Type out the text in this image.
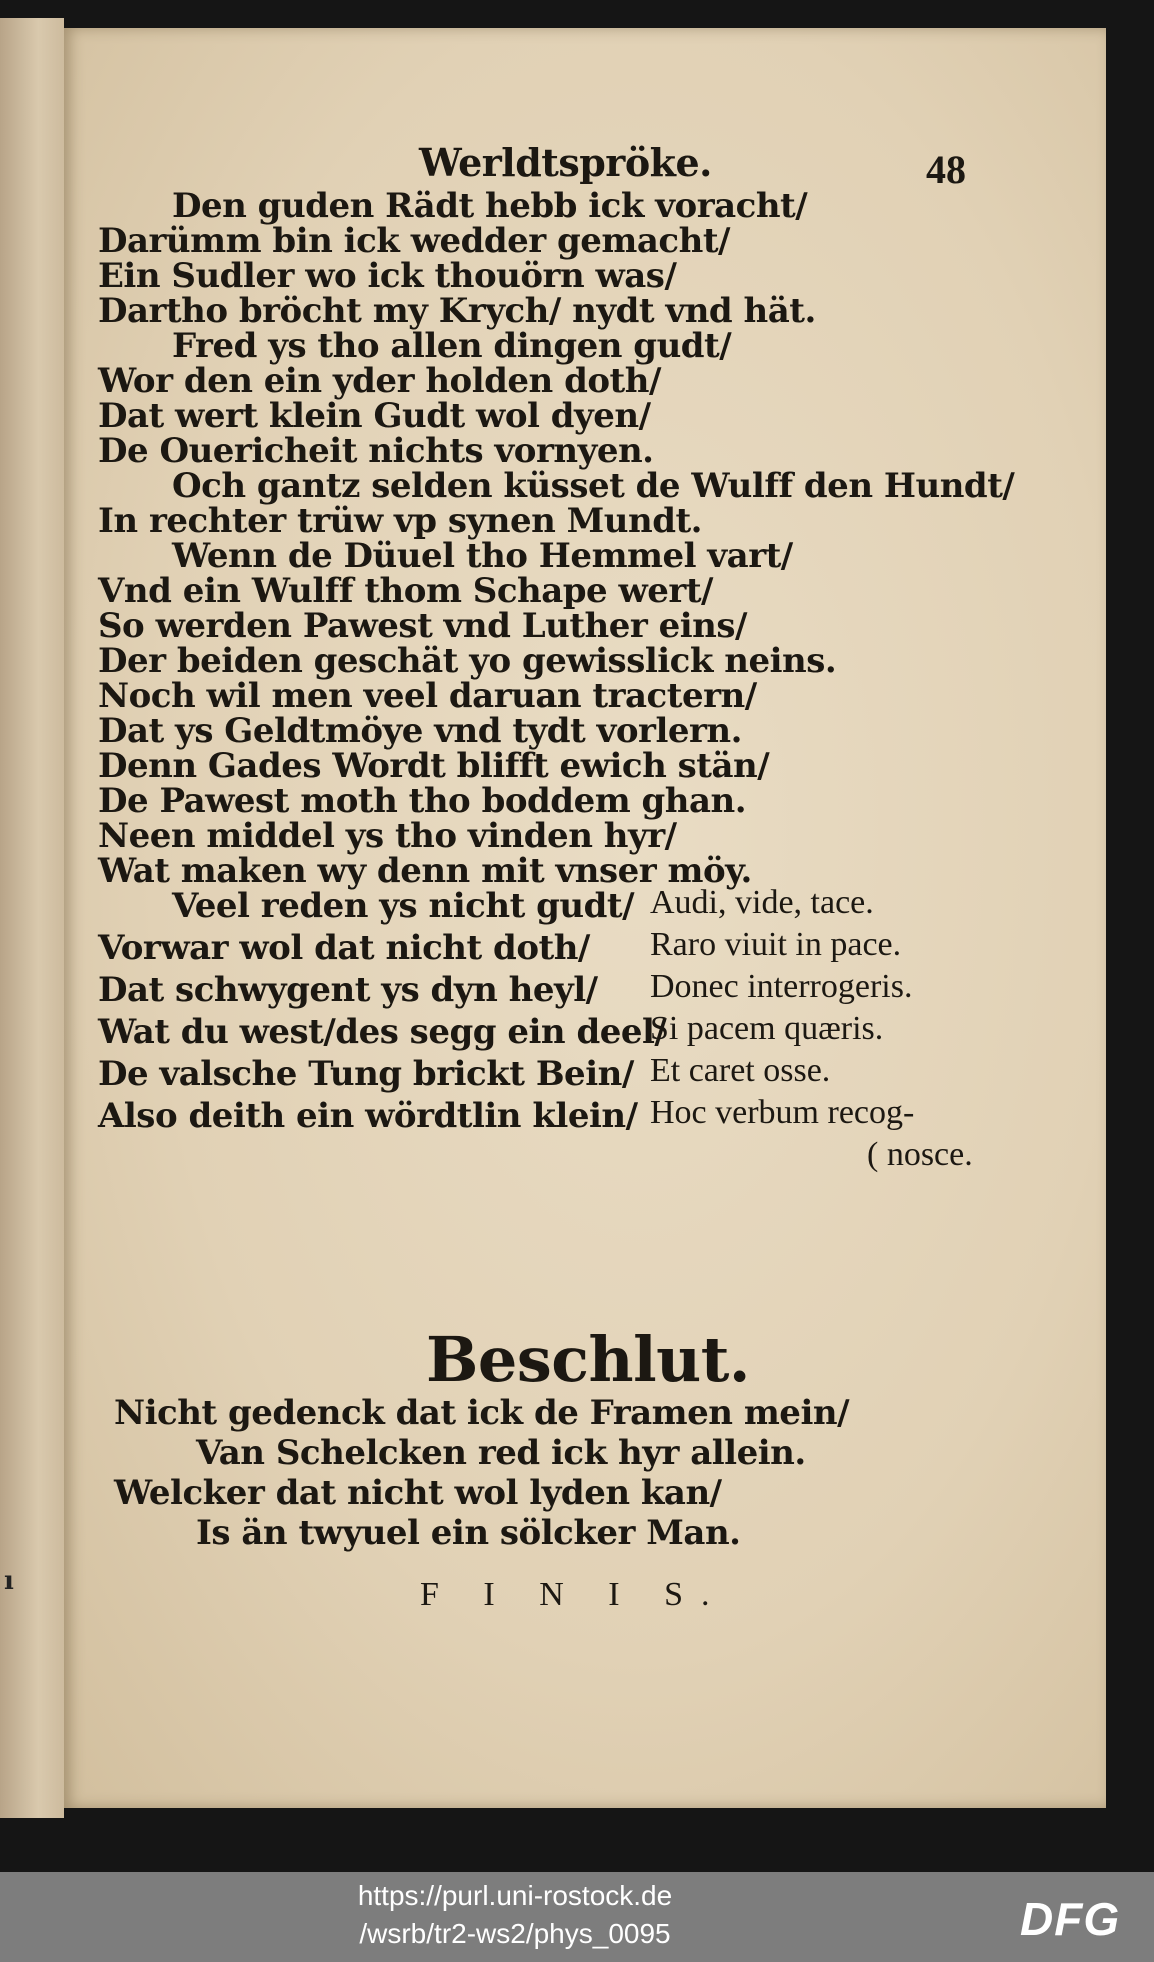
ı
Werldtspröke.	48
Den guden Rädt hebb ick voracht/
Darümm bin ick wedder gemacht/
Ein Sudler wo ick thouörn was/
Dartho bröcht my Krych/ nydt vnd hät.
Fred ys tho allen dingen gudt/
Wor den ein yder holden doth/
Dat wert klein Gudt wol dyen/
De Ouericheit nichts vornyen.
Och gantz selden küsset de Wulff den Hundt/
In rechter trüw vp synen Mundt.
Wenn de Düuel tho Hemmel vart/
Vnd ein Wulff thom Schape wert/
So werden Pawest vnd Luther eins/
Der beiden geschät yo gewisslick neins.
Noch wil men veel daruan tractern/
Dat ys Geldtmöye vnd tydt vorlern.
Denn Gades Wordt blifft ewich stän/
De Pawest moth tho boddem ghan.
Neen middel ys tho vinden hyr/
Wat maken wy denn mit vnser möy.
Veel reden ys nicht gudt/ Audi, vide, tace.
Vorwar wol dat nicht doth/ Raro viuit in pace.
Dat schwygent ys dyn heyl/ Donec interrogeris.
Wat du west/des segg ein deel/
Si pacem quæris.
De valsche Tung brickt Bein/ Et caret osse.
Also deith ein wördtlin klein/ Hoc verbum recog-
( nosce.
Beschlut.
Nicht gedenck dat ick de Framen mein/
Van Schelcken red ick hyr allein.
Welcker dat nicht wol lyden kan/
Is än twyuel ein sölcker Man.
F I N I S.
https://purl.uni-rostock.de
/wsrb/tr2-ws2/phys_0095	DFG
